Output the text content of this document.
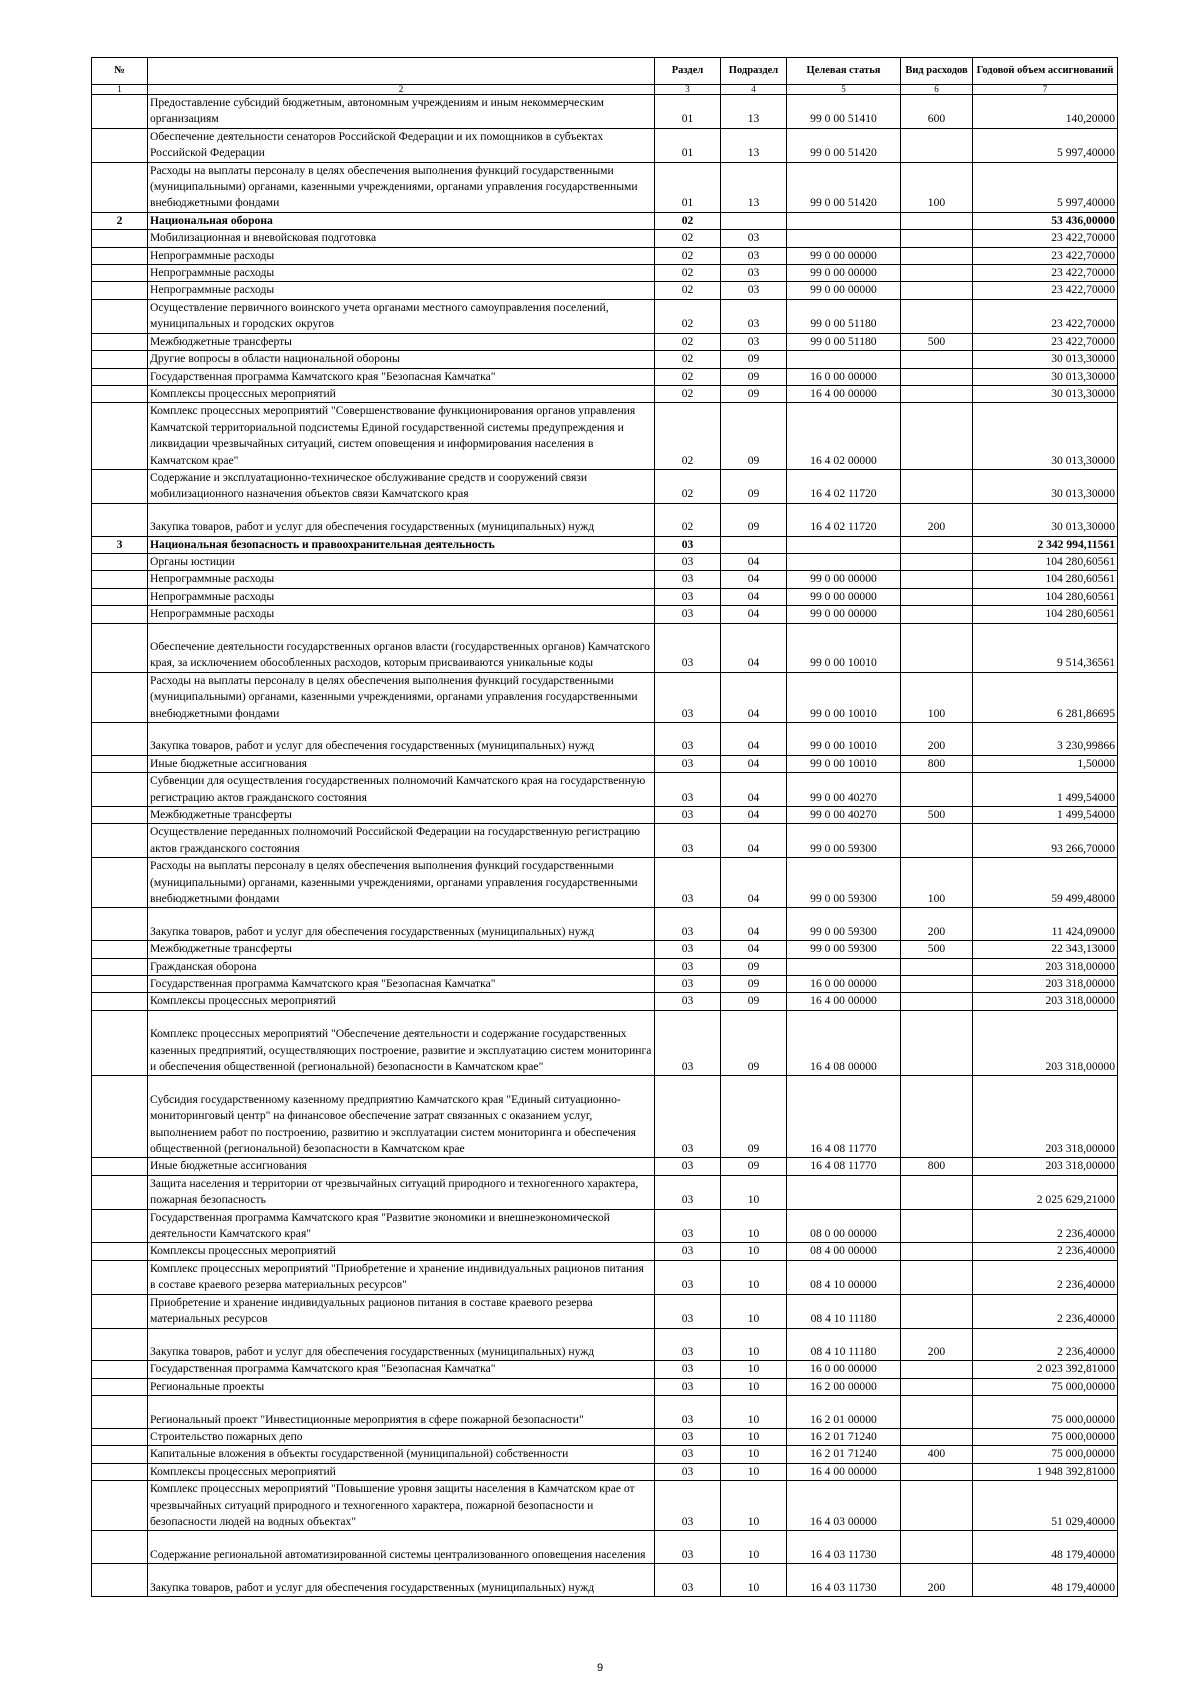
№		Раздел	Подраздел	Целевая статья	Вид расходов	Годовой объем ассигнований
1	2	3	4	5	6	7
	Предоставление субсидий бюджетным, автономным учреждениям и иным некоммерческим организациям	01	13	99 0 00 51410	600	140,20000
	Обеспечение деятельности сенаторов Российской Федерации и их помощников в субъектах Российской Федерации	01	13	99 0 00 51420		5 997,40000
	Расходы на выплаты персоналу в целях обеспечения выполнения функций государственными (муниципальными) органами, казенными учреждениями, органами управления государственными внебюджетными фондами	01	13	99 0 00 51420	100	5 997,40000
2	Национальная оборона	02				53 436,00000
	Мобилизационная и вневойсковая подготовка	02	03			23 422,70000
	Непрограммные расходы	02	03	99 0 00 00000		23 422,70000
	Непрограммные расходы	02	03	99 0 00 00000		23 422,70000
	Непрограммные расходы	02	03	99 0 00 00000		23 422,70000
	Осуществление первичного воинского учета органами местного самоуправления поселений, муниципальных и городских округов	02	03	99 0 00 51180		23 422,70000
	Межбюджетные трансферты	02	03	99 0 00 51180	500	23 422,70000
	Другие вопросы в области национальной обороны	02	09			30 013,30000
	Государственная программа Камчатского края "Безопасная Камчатка"	02	09	16 0 00 00000		30 013,30000
	Комплексы процессных мероприятий	02	09	16 4 00 00000		30 013,30000
	Комплекс процессных мероприятий "Совершенствование функционирования органов управления Камчатской территориальной подсистемы Единой государственной системы предупреждения и ликвидации чрезвычайных ситуаций, систем оповещения и информирования населения в Камчатском крае"	02	09	16 4 02 00000		30 013,30000
	Содержание и эксплуатационно-техническое обслуживание средств и сооружений связи мобилизационного назначения объектов связи Камчатского края	02	09	16 4 02 11720		30 013,30000
	Закупка товаров, работ и услуг для обеспечения государственных (муниципальных) нужд	02	09	16 4 02 11720	200	30 013,30000
3	Национальная безопасность и правоохранительная деятельность	03				2 342 994,11561
	Органы юстиции	03	04			104 280,60561
	Непрограммные расходы	03	04	99 0 00 00000		104 280,60561
	Непрограммные расходы	03	04	99 0 00 00000		104 280,60561
	Непрограммные расходы	03	04	99 0 00 00000		104 280,60561
	Обеспечение деятельности государственных органов власти (государственных органов) Камчатского края, за исключением обособленных расходов, которым присваиваются уникальные коды	03	04	99 0 00 10010		9 514,36561
	Расходы на выплаты персоналу в целях обеспечения выполнения функций государственными (муниципальными) органами, казенными учреждениями, органами управления государственными внебюджетными фондами	03	04	99 0 00 10010	100	6 281,86695
	Закупка товаров, работ и услуг для обеспечения государственных (муниципальных) нужд	03	04	99 0 00 10010	200	3 230,99866
	Иные бюджетные ассигнования	03	04	99 0 00 10010	800	1,50000
	Субвенции для осуществления государственных полномочий Камчатского края на государственную регистрацию актов гражданского состояния	03	04	99 0 00 40270		1 499,54000
	Межбюджетные трансферты	03	04	99 0 00 40270	500	1 499,54000
	Осуществление переданных полномочий Российской Федерации на государственную регистрацию актов гражданского состояния	03	04	99 0 00 59300		93 266,70000
	Расходы на выплаты персоналу в целях обеспечения выполнения функций государственными (муниципальными) органами, казенными учреждениями, органами управления государственными внебюджетными фондами	03	04	99 0 00 59300	100	59 499,48000
	Закупка товаров, работ и услуг для обеспечения государственных (муниципальных) нужд	03	04	99 0 00 59300	200	11 424,09000
	Межбюджетные трансферты	03	04	99 0 00 59300	500	22 343,13000
	Гражданская оборона	03	09			203 318,00000
	Государственная программа Камчатского края "Безопасная Камчатка"	03	09	16 0 00 00000		203 318,00000
	Комплексы процессных мероприятий	03	09	16 4 00 00000		203 318,00000
	Комплекс процессных мероприятий "Обеспечение деятельности и содержание государственных казенных предприятий, осуществляющих построение, развитие и эксплуатацию систем мониторинга и обеспечения общественной (региональной) безопасности в Камчатском крае"	03	09	16 4 08 00000		203 318,00000
	Субсидия государственному казенному предприятию Камчатского края "Единый ситуационно-мониторинговый центр" на финансовое обеспечение затрат связанных с оказанием услуг, выполнением работ по построению, развитию и эксплуатации систем мониторинга и обеспечения общественной (региональной) безопасности в Камчатском крае	03	09	16 4 08 11770		203 318,00000
	Иные бюджетные ассигнования	03	09	16 4 08 11770	800	203 318,00000
	Защита населения и территории от чрезвычайных ситуаций природного и техногенного характера, пожарная безопасность	03	10			2 025 629,21000
	Государственная программа Камчатского края "Развитие экономики и внешнеэкономической деятельности Камчатского края"	03	10	08 0 00 00000		2 236,40000
	Комплексы процессных мероприятий	03	10	08 4 00 00000		2 236,40000
	Комплекс процессных мероприятий "Приобретение и хранение индивидуальных рационов питания в составе краевого резерва материальных ресурсов"	03	10	08 4 10 00000		2 236,40000
	Приобретение и хранение индивидуальных рационов питания в составе краевого резерва материальных ресурсов	03	10	08 4 10 11180		2 236,40000
	Закупка товаров, работ и услуг для обеспечения государственных (муниципальных) нужд	03	10	08 4 10 11180	200	2 236,40000
	Государственная программа Камчатского края "Безопасная Камчатка"	03	10	16 0 00 00000		2 023 392,81000
	Региональные проекты	03	10	16 2 00 00000		75 000,00000
	Региональный проект "Инвестиционные мероприятия в сфере пожарной безопасности"	03	10	16 2 01 00000		75 000,00000
	Строительство пожарных депо	03	10	16 2 01 71240		75 000,00000
	Капитальные вложения в объекты государственной (муниципальной) собственности	03	10	16 2 01 71240	400	75 000,00000
	Комплексы процессных мероприятий	03	10	16 4 00 00000		1 948 392,81000
	Комплекс процессных мероприятий "Повышение уровня защиты населения в Камчатском крае от чрезвычайных ситуаций природного и техногенного характера, пожарной безопасности и безопасности людей на водных объектах"	03	10	16 4 03 00000		51 029,40000
	Содержание региональной автоматизированной системы централизованного оповещения населения	03	10	16 4 03 11730		48 179,40000
	Закупка товаров, работ и услуг для обеспечения государственных (муниципальных) нужд	03	10	16 4 03 11730	200	48 179,40000
9
